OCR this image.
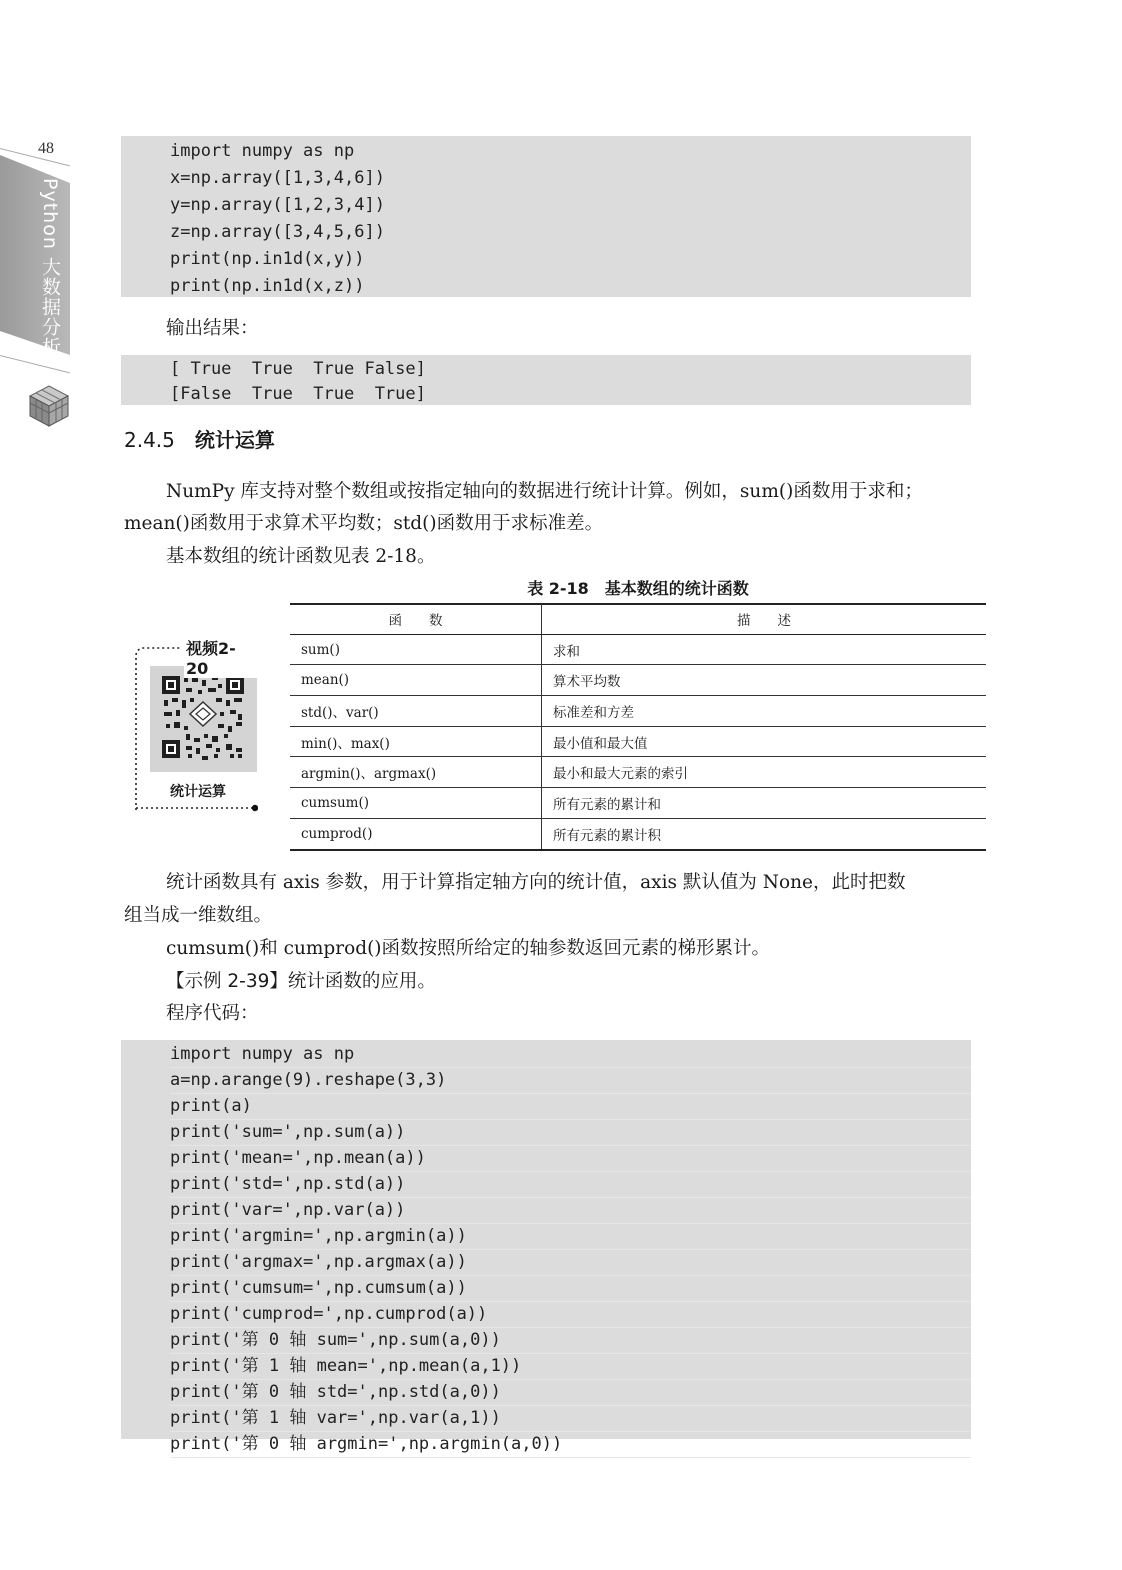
48
Python 大数据分析
import numpy as np
x=np.array([1,3,4,6])
y=np.array([1,2,3,4])
z=np.array([3,4,5,6])
print(np.in1d(x,y))
print(np.in1d(x,z))
输出结果：
[ True  True  True False]
[False  True  True  True]
2.4.5 统计运算
NumPy 库支持对整个数组或按指定轴向的数据进行统计计算。例如，sum()函数用于求和；
mean()函数用于求算术平均数；std()函数用于求标准差。
基本数组的统计函数见表 2-18。
表 2-18　基本数组的统计函数
函　　数	描　　述
sum()	求和
mean()	算术平均数
std()、var()	标准差和方差
min()、max()	最小值和最大值
argmin()、argmax()	最小和最大元素的索引
cumsum()	所有元素的累计和
cumprod()	所有元素的累计积
视频2-20
统计运算
统计函数具有 axis 参数，用于计算指定轴方向的统计值，axis 默认值为 None，此时把数
组当成一维数组。
cumsum()和 cumprod()函数按照所给定的轴参数返回元素的梯形累计。
【示例 2-39】统计函数的应用。
程序代码：
import numpy as np
a=np.arange(9).reshape(3,3)
print(a)
print('sum=',np.sum(a))
print('mean=',np.mean(a))
print('std=',np.std(a))
print('var=',np.var(a))
print('argmin=',np.argmin(a))
print('argmax=',np.argmax(a))
print('cumsum=',np.cumsum(a))
print('cumprod=',np.cumprod(a))
print('第 0 轴 sum=',np.sum(a,0))
print('第 1 轴 mean=',np.mean(a,1))
print('第 0 轴 std=',np.std(a,0))
print('第 1 轴 var=',np.var(a,1))
print('第 0 轴 argmin=',np.argmin(a,0))
